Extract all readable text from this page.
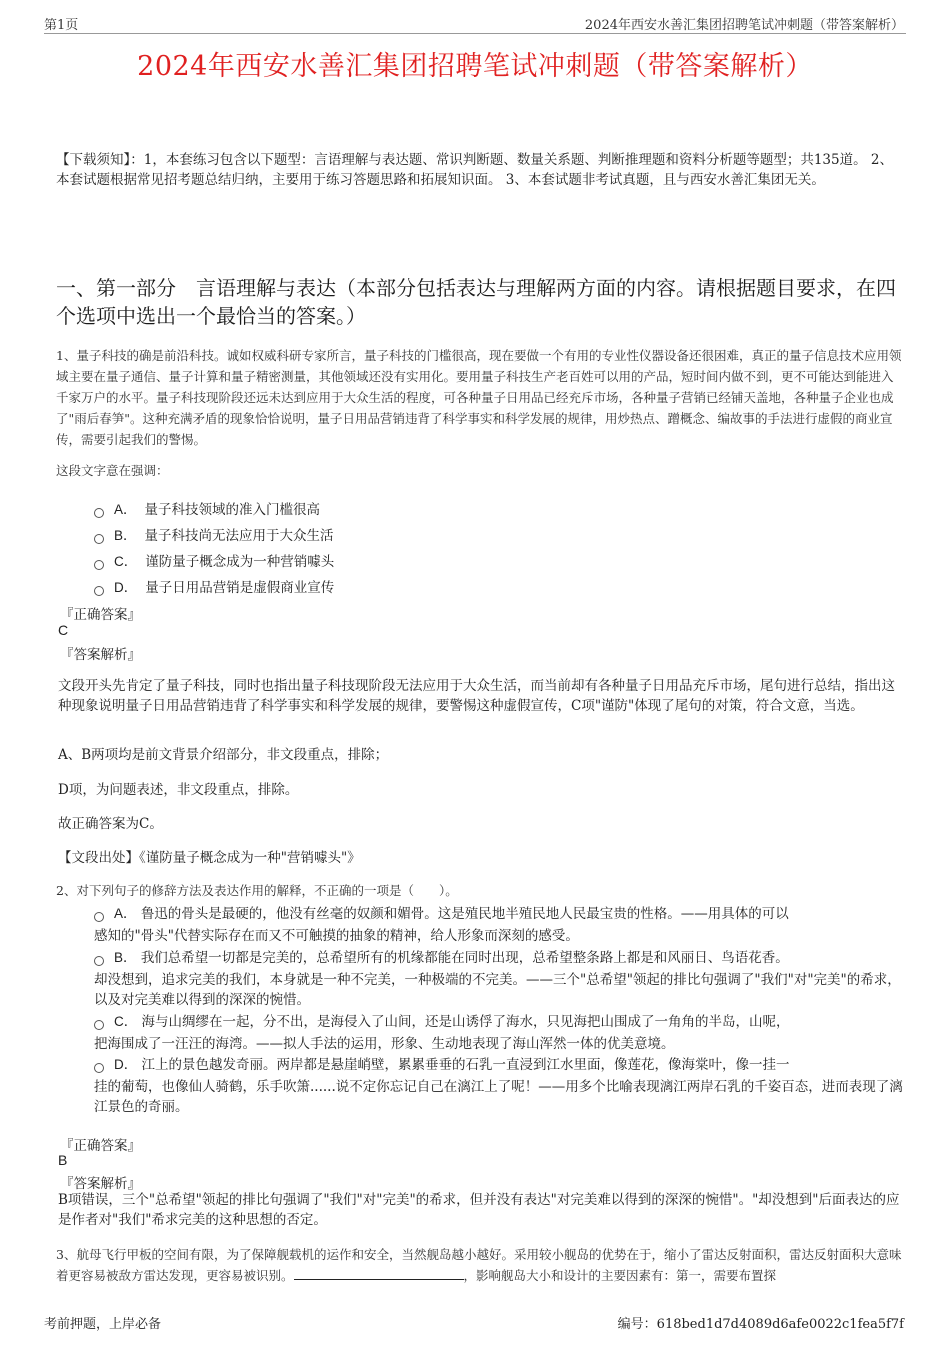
第1页	2024年西安水善汇集团招聘笔试冲刺题（带答案解析）
2024年西安水善汇集团招聘笔试冲刺题（带答案解析）
【下载须知】：1，本套练习包含以下题型：言语理解与表达题、常识判断题、数量关系题、判断推理题和资料分析题等题型；共135道。 2、本套试题根据常见招考题总结归纳，主要用于练习答题思路和拓展知识面。 3、本套试题非考试真题，且与西安水善汇集团无关。
一、第一部分　言语理解与表达（本部分包括表达与理解两方面的内容。请根据题目要求，在四个选项中选出一个最恰当的答案。）
1、量子科技的确是前沿科技。诚如权威科研专家所言，量子科技的门槛很高，现在要做一个有用的专业性仪器设备还很困难，真正的量子信息技术应用领域主要在量子通信、量子计算和量子精密测量，其他领域还没有实用化。要用量子科技生产老百姓可以用的产品，短时间内做不到，更不可能达到能进入千家万户的水平。量子科技现阶段还远未达到应用于大众生活的程度，可各种量子日用品已经充斥市场，各种量子营销已经铺天盖地，各种量子企业也成了"雨后春笋"。这种充满矛盾的现象恰恰说明，量子日用品营销违背了科学事实和科学发展的规律，用炒热点、蹭概念、编故事的手法进行虚假的商业宣传，需要引起我们的警惕。
这段文字意在强调：
A． 量子科技领域的准入门槛很高
B． 量子科技尚无法应用于大众生活
C． 谨防量子概念成为一种营销噱头
D． 量子日用品营销是虚假商业宣传
『正确答案』
C
『答案解析』
文段开头先肯定了量子科技，同时也指出量子科技现阶段无法应用于大众生活，而当前却有各种量子日用品充斥市场，尾句进行总结，指出这种现象说明量子日用品营销违背了科学事实和科学发展的规律，要警惕这种虚假宣传，C项"谨防"体现了尾句的对策，符合文意，当选。
A、B两项均是前文背景介绍部分，非文段重点，排除；
D项，为问题表述，非文段重点，排除。
故正确答案为C。
【文段出处】《谨防量子概念成为一种"营销噱头"》
2、对下列句子的修辞方法及表达作用的解释，不正确的一项是（　　）。
A． 鲁迅的骨头是最硬的，他没有丝毫的奴颜和媚骨。这是殖民地半殖民地人民最宝贵的性格。——用具体的可以
感知的"骨头"代替实际存在而又不可触摸的抽象的精神，给人形象而深刻的感受。
B． 我们总希望一切都是完美的，总希望所有的机缘都能在同时出现，总希望整条路上都是和风丽日、鸟语花香。
却没想到，追求完美的我们，本身就是一种不完美，一种极端的不完美。——三个"总希望"领起的排比句强调了"我们"对"完美"的希求，以及对完美难以得到的深深的惋惜。
C． 海与山绸缪在一起，分不出，是海侵入了山间，还是山诱俘了海水，只见海把山围成了一角角的半岛，山呢，
把海围成了一汪汪的海湾。——拟人手法的运用，形象、生动地表现了海山浑然一体的优美意境。
D． 江上的景色越发奇丽。两岸都是悬崖峭壁，累累垂垂的石乳一直浸到江水里面，像莲花，像海棠叶，像一挂一
挂的葡萄，也像仙人骑鹤，乐手吹箫......说不定你忘记自己在漓江上了呢！——用多个比喻表现漓江两岸石乳的千姿百态，进而表现了漓江景色的奇丽。
『正确答案』
B
『答案解析』
B项错误，三个"总希望"领起的排比句强调了"我们"对"完美"的希求，但并没有表达"对完美难以得到的深深的惋惜"。"却没想到"后面表达的应是作者对"我们"希求完美的这种思想的否定。
3、航母飞行甲板的空间有限，为了保障舰载机的运作和安全，当然舰岛越小越好。采用较小舰岛的优势在于，缩小了雷达反射面积，雷达反射面积大意味着更容易被敌方雷达发现，更容易被识别。	，影响舰岛大小和设计的主要因素有：第一，需要布置探
考前押题，上岸必备	编号：618bed1d7d4089d6afe0022c1fea5f7f
